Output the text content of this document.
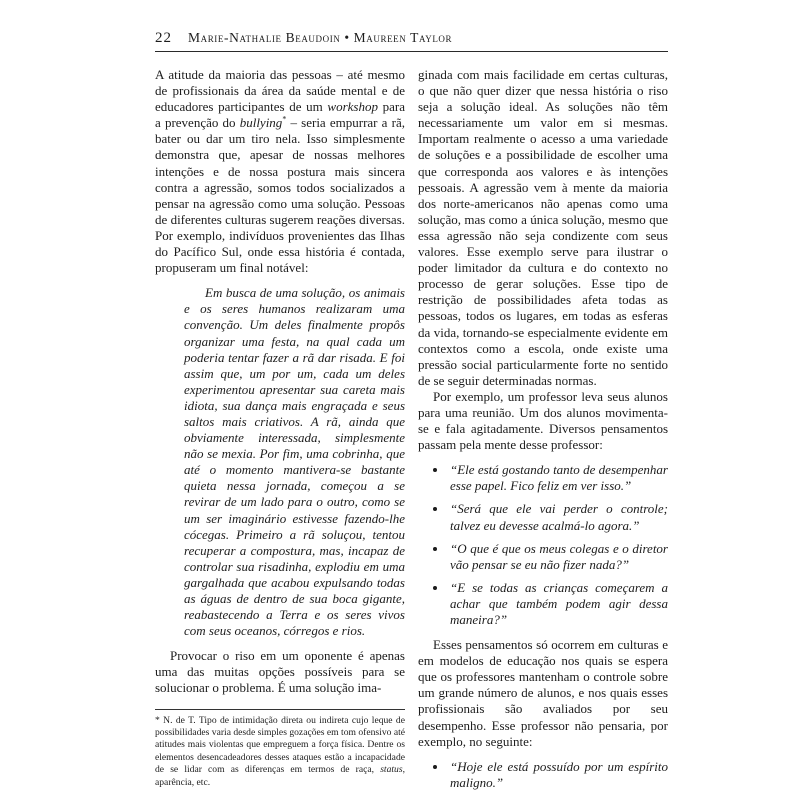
22 Marie-Nathalie Beaudoin • Maureen Taylor

A atitude da maioria das pessoas – até mesmo de profissionais da área da saúde mental e de educadores participantes de um workshop para a prevenção do bullying* – seria empurrar a rã, bater ou dar um tiro nela. Isso simplesmente demonstra que, apesar de nossas melhores intenções e de nossa postura mais sincera contra a agressão, somos todos socializados a pensar na agressão como uma solução. Pessoas de diferentes culturas sugerem reações diversas. Por exemplo, indivíduos provenientes das Ilhas do Pacífico Sul, onde essa história é contada, propuseram um final notável:

Em busca de uma solução, os animais e os seres humanos realizaram uma convenção. Um deles finalmente propôs organizar uma festa, na qual cada um poderia tentar fazer a rã dar risada. E foi assim que, um por um, cada um deles experimentou apresentar sua careta mais idiota, sua dança mais engraçada e seus saltos mais criativos. A rã, ainda que obviamente interessada, simplesmente não se mexia. Por fim, uma cobrinha, que até o momento mantivera-se bastante quieta nessa jornada, começou a se revirar de um lado para o outro, como se um ser imaginário estivesse fazendo-lhe cócegas. Primeiro a rã soluçou, tentou recuperar a compostura, mas, incapaz de controlar sua risadinha, explodiu em uma gargalhada que acabou expulsando todas as águas de dentro de sua boca gigante, reabastecendo a Terra e os seres vivos com seus oceanos, córregos e rios.

Provocar o riso em um oponente é apenas uma das muitas opções possíveis para se solucionar o problema. É uma solução ima-

* N. de T. Tipo de intimidação direta ou indireta cujo leque de possibilidades varia desde simples gozações em tom ofensivo até atitudes mais violentas que empreguem a força física. Dentre os elementos desencadeadores desses ataques estão a incapacidade de se lidar com as diferenças em termos de raça, status, aparência, etc.

ginada com mais facilidade em certas culturas, o que não quer dizer que nessa história o riso seja a solução ideal. As soluções não têm necessariamente um valor em si mesmas. Importam realmente o acesso a uma variedade de soluções e a possibilidade de escolher uma que corresponda aos valores e às intenções pessoais. A agressão vem à mente da maioria dos norte-americanos não apenas como uma solução, mas como a única solução, mesmo que essa agressão não seja condizente com seus valores. Esse exemplo serve para ilustrar o poder limitador da cultura e do contexto no processo de gerar soluções. Esse tipo de restrição de possibilidades afeta todas as pessoas, todos os lugares, em todas as esferas da vida, tornando-se especialmente evidente em contextos como a escola, onde existe uma pressão social particularmente forte no sentido de se seguir determinadas normas.

Por exemplo, um professor leva seus alunos para uma reunião. Um dos alunos movimenta-se e fala agitadamente. Diversos pensamentos passam pela mente desse professor:

• “Ele está gostando tanto de desempenhar esse papel. Fico feliz em ver isso.”
• “Será que ele vai perder o controle; talvez eu devesse acalmá-lo agora.”
• “O que é que os meus colegas e o diretor vão pensar se eu não fizer nada?”
• “E se todas as crianças começarem a achar que também podem agir dessa maneira?”

Esses pensamentos só ocorrem em culturas e em modelos de educação nos quais se espera que os professores mantenham o controle sobre um grande número de alunos, e nos quais esses profissionais são avaliados por seu desempenho. Esse professor não pensaria, por exemplo, no seguinte:

• “Hoje ele está possuído por um espírito maligno.”
